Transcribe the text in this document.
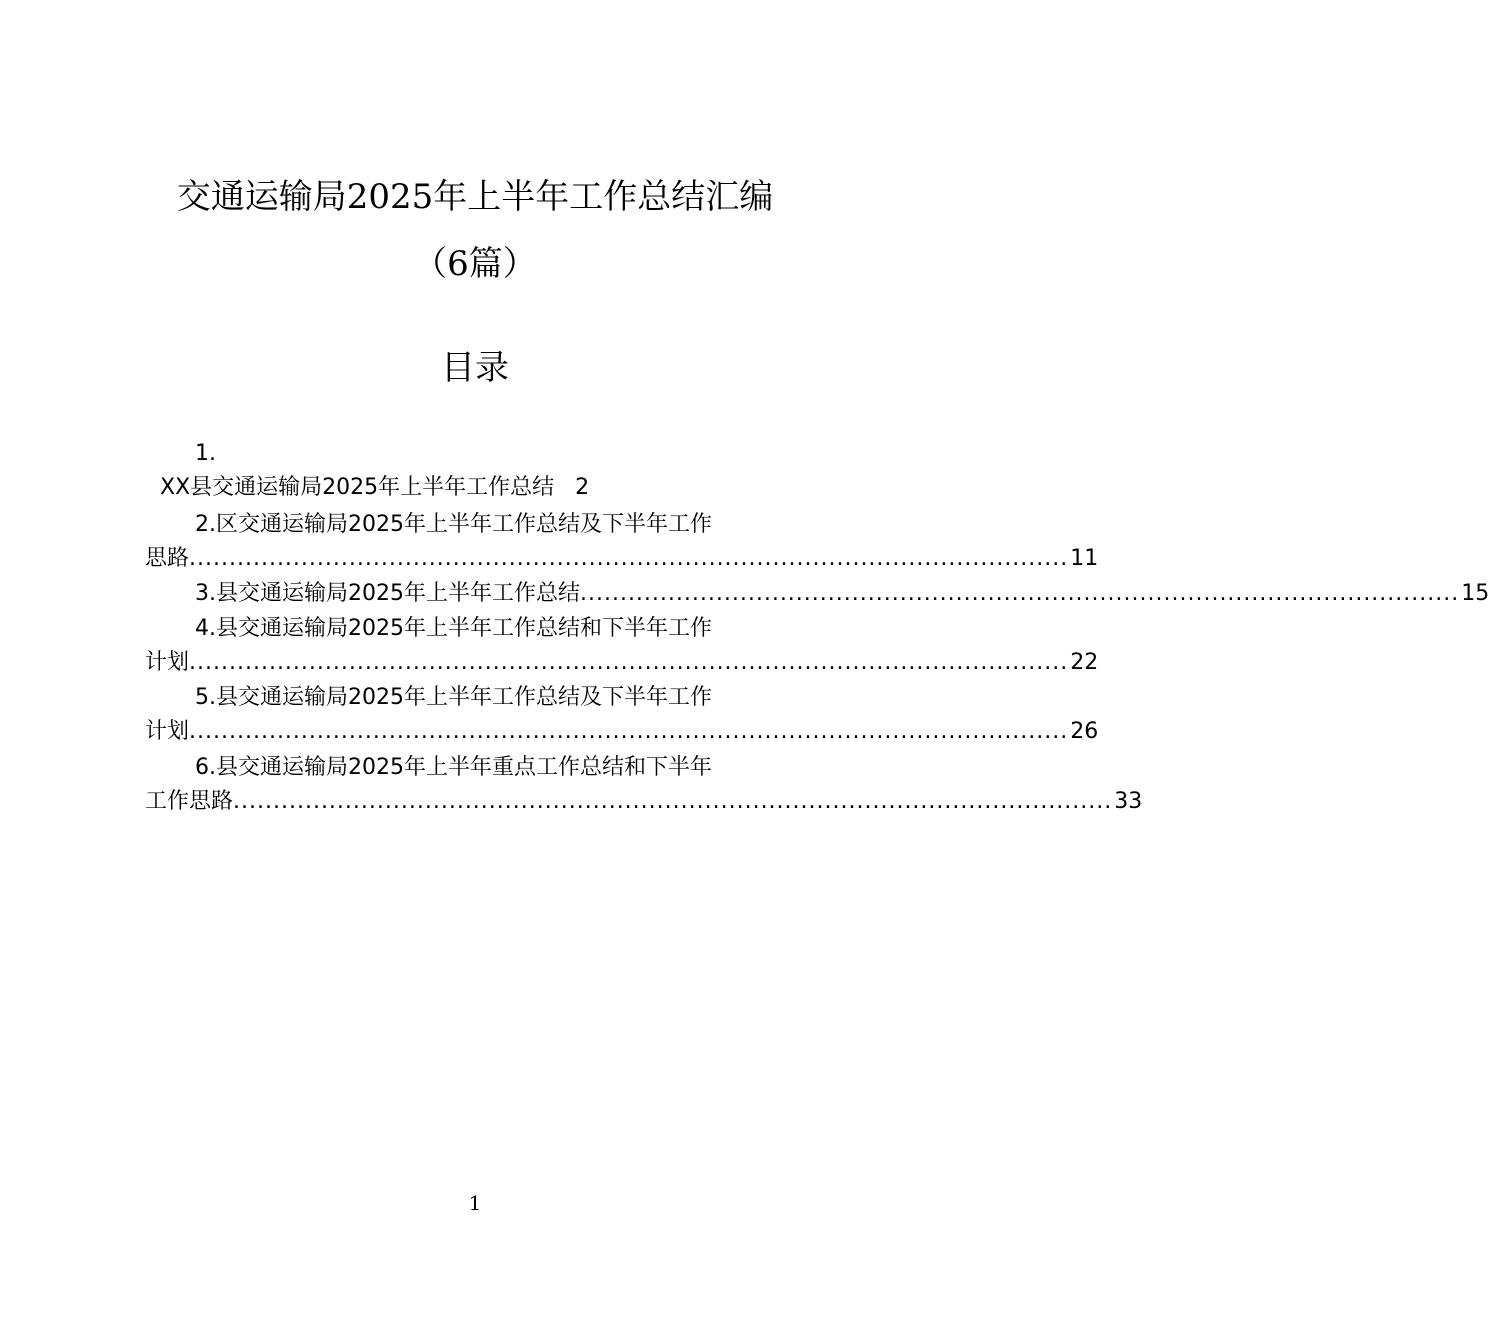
交通运输局2025年上半年工作总结汇编
（6篇）
目录
1.
XX县交通运输局2025年上半年工作总结 2
2.区交通运输局2025年上半年工作总结及下半年工作
思路 .............................................................................................................. 11
3.县交通运输局2025年上半年工作总结 .............................................................................................................. 15
4.县交通运输局2025年上半年工作总结和下半年工作
计划 .............................................................................................................. 22
5.县交通运输局2025年上半年工作总结及下半年工作
计划 .............................................................................................................. 26
6.县交通运输局2025年上半年重点工作总结和下半年
工作思路 .............................................................................................................. 33
1
